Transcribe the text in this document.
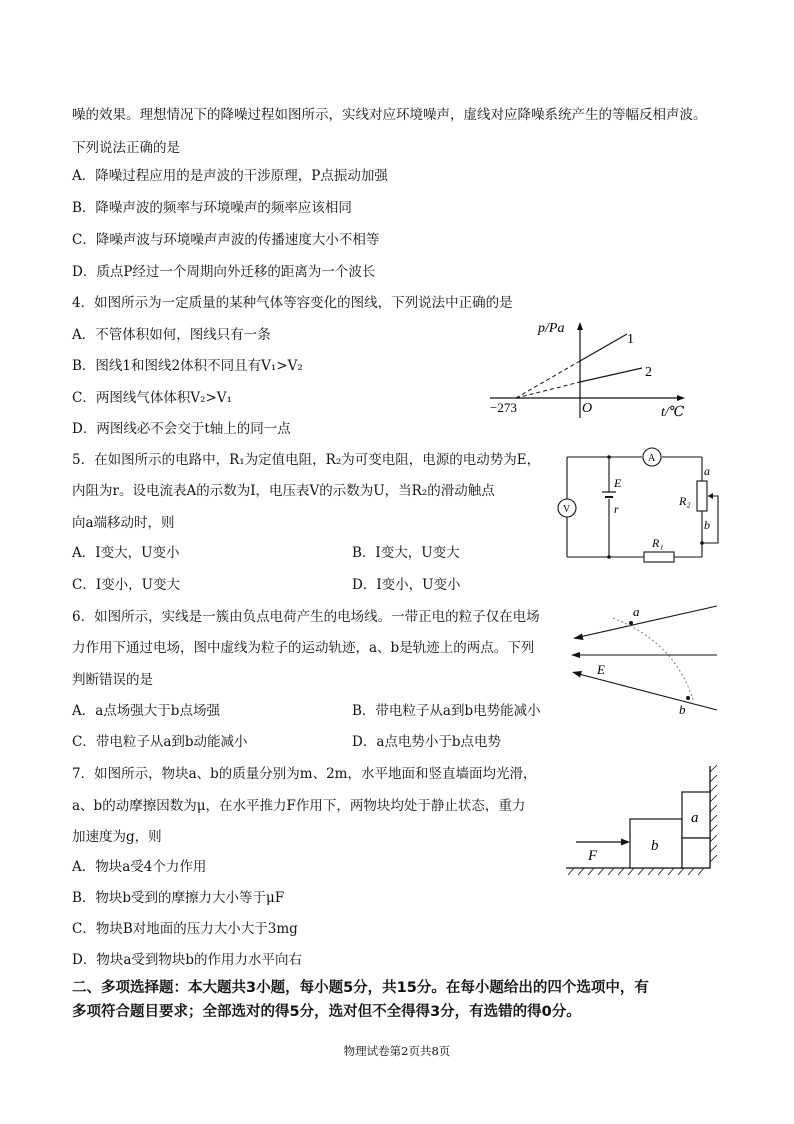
噪的效果。理想情况下的降噪过程如图所示，实线对应环境噪声，虚线对应降噪系统产生的等幅反相声波。
下列说法正确的是
A．降噪过程应用的是声波的干涉原理，P点振动加强
B．降噪声波的频率与环境噪声的频率应该相同
C．降噪声波与环境噪声声波的传播速度大小不相等
D．质点P经过一个周期向外迁移的距离为一个波长
4．如图所示为一定质量的某种气体等容变化的图线，下列说法中正确的是
A．不管体积如何，图线只有一条
B．图线1和图线2体积不同且有V₁>V₂
C．两图线气体体积V₂>V₁
D．两图线必不会交于t轴上的同一点
p/Pa
1
2
−273	O	t/℃
5．在如图所示的电路中，R₁为定值电阻，R₂为可变电阻，电源的电动势为E，
内阻为r。设电流表A的示数为I，电压表V的示数为U，当R₂的滑动触点
向a端移动时，则
A．I变大，U变小	B．I变大，U变大
C．I变小，U变大	D．I变小，U变小
E
r
A
V
R₁
R₂
a
b
6．如图所示，实线是一簇由负点电荷产生的电场线。一带正电的粒子仅在电场
力作用下通过电场，图中虚线为粒子的运动轨迹，a、b是轨迹上的两点。下列
判断错误的是
A．a点场强大于b点场强	B．带电粒子从a到b电势能减小
C．带电粒子从a到b动能减小	D．a点电势小于b点电势
a
b
E
7．如图所示，物块a、b的质量分别为m、2m，水平地面和竖直墙面均光滑，
a、b的动摩擦因数为μ，在水平推力F作用下，两物块均处于静止状态，重力
加速度为g，则
A．物块a受4个力作用
B．物块b受到的摩擦力大小等于μF
C．物块B对地面的压力大小大于3mg
D．物块a受到物块b的作用力水平向右
b
a
F
二、多项选择题：本大题共3小题，每小题5分，共15分。在每小题给出的四个选项中，有
多项符合题目要求；全部选对的得5分，选对但不全得得3分，有选错的得0分。
物理试卷第2页共8页
